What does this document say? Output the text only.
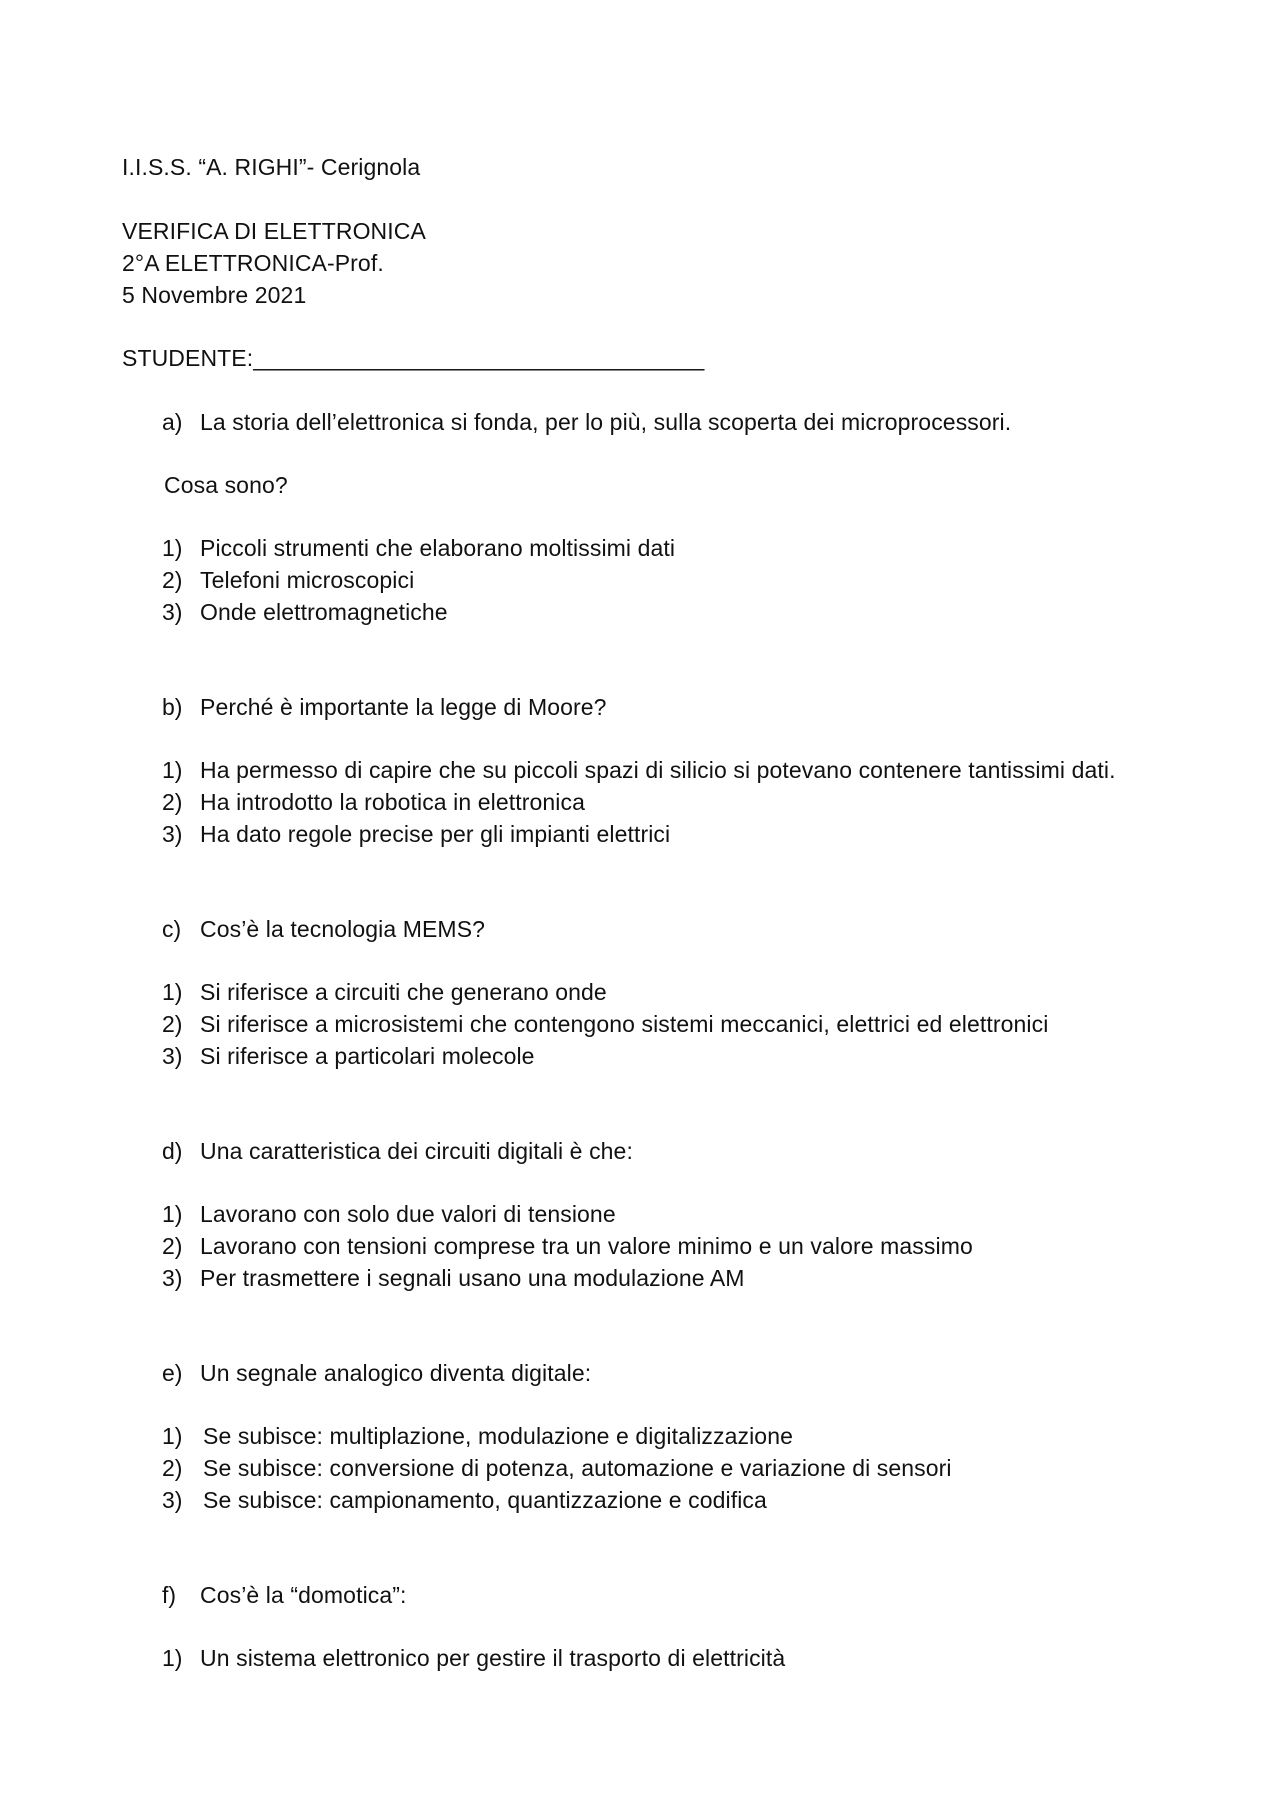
I.I.S.S. “A. RIGHI”- Cerignola
VERIFICA DI ELETTRONICA
2°A ELETTRONICA-Prof.
5 Novembre 2021
STUDENTE:___________________________________
a) La storia dell’elettronica si fonda, per lo più, sulla scoperta dei microprocessori.
Cosa sono?
1) Piccoli strumenti che elaborano moltissimi dati
2) Telefoni microscopici
3) Onde elettromagnetiche
b) Perché è importante la legge di Moore?
1) Ha permesso di capire che su piccoli spazi di silicio si potevano contenere tantissimi dati.
2) Ha introdotto la robotica in elettronica
3) Ha dato regole precise per gli impianti elettrici
c) Cos’è la tecnologia MEMS?
1) Si riferisce a circuiti che generano onde
2) Si riferisce a microsistemi che contengono sistemi meccanici, elettrici ed elettronici
3) Si riferisce a particolari molecole
d) Una caratteristica dei circuiti digitali è che:
1) Lavorano con solo due valori di tensione
2) Lavorano con tensioni comprese tra un valore minimo e un valore massimo
3) Per trasmettere i segnali usano una modulazione AM
e) Un segnale analogico diventa digitale:
1) Se subisce: multiplazione, modulazione e digitalizzazione
2) Se subisce: conversione di potenza, automazione e variazione di sensori
3) Se subisce: campionamento, quantizzazione e codifica
f) Cos’è la “domotica”:
1) Un sistema elettronico per gestire il trasporto di elettricità
